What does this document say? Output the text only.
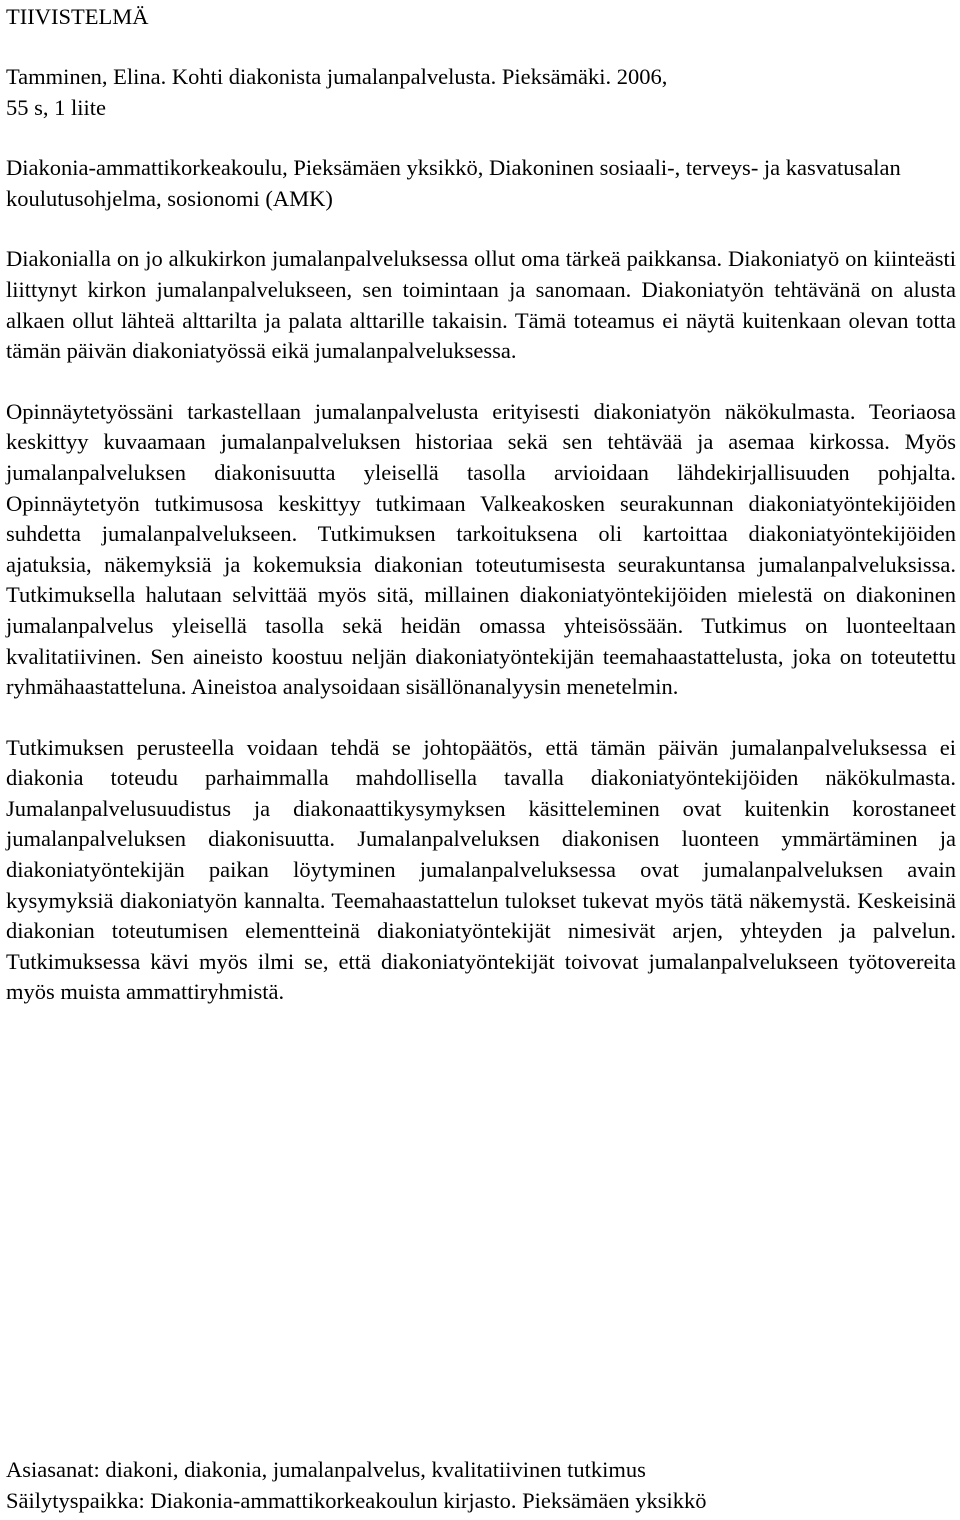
TIIVISTELMÄ

Tamminen, Elina. Kohti diakonista jumalanpalvelusta. Pieksämäki. 2006,

55 s, 1 liite

Diakonia-ammattikorkeakoulu, Pieksämäen yksikkö, Diakoninen sosiaali-, terveys- ja kasvatusalan koulutusohjelma, sosionomi (AMK)

Diakonialla on jo alkukirkon jumalanpalveluksessa ollut oma tärkeä paikkansa. Diakoniatyö on kiinteästi liittynyt kirkon jumalanpalvelukseen, sen toimintaan ja sanomaan. Diakoniatyön tehtävänä on alusta alkaen ollut lähteä alttarilta ja palata alttarille takaisin. Tämä toteamus ei näytä kuitenkaan olevan totta tämän päivän diakoniatyössä eikä jumalanpalveluksessa.

Opinnäytetyössäni tarkastellaan jumalanpalvelusta erityisesti diakoniatyön näkökulmasta. Teoriaosa keskittyy kuvaamaan jumalanpalveluksen historiaa sekä sen tehtävää ja asemaa kirkossa. Myös jumalanpalveluksen diakonisuutta yleisellä tasolla arvioidaan lähdekirjallisuuden pohjalta. Opinnäytetyön tutkimusosa keskittyy tutkimaan Valkeakosken seurakunnan diakoniatyöntekijöiden suhdetta jumalanpalvelukseen. Tutkimuksen tarkoituksena oli kartoittaa diakoniatyöntekijöiden ajatuksia, näkemyksiä ja kokemuksia diakonian toteutumisesta seurakuntansa jumalanpalveluksissa. Tutkimuksella halutaan selvittää myös sitä, millainen diakoniatyöntekijöiden mielestä on diakoninen jumalanpalvelus yleisellä tasolla sekä heidän omassa yhteisössään. Tutkimus on luonteeltaan kvalitatiivinen. Sen aineisto koostuu neljän diakoniatyöntekijän teemahaastattelusta, joka on toteutettu ryhmähaastatteluna. Aineistoa analysoidaan sisällönanalyysin menetelmin.

Tutkimuksen perusteella voidaan tehdä se johtopäätös, että tämän päivän jumalanpalveluksessa ei diakonia toteudu parhaimmalla mahdollisella tavalla diakoniatyöntekijöiden näkökulmasta. Jumalanpalvelusuudistus ja diakonaattikysymyksen käsitteleminen ovat kuitenkin korostaneet jumalanpalveluksen diakonisuutta. Jumalanpalveluksen diakonisen luonteen ymmärtäminen ja diakoniatyöntekijän paikan löytyminen jumalanpalveluksessa ovat jumalanpalveluksen avain kysymyksiä diakoniatyön kannalta. Teemahaastattelun tulokset tukevat myös tätä näkemystä. Keskeisinä diakonian toteutumisen elementteinä diakoniatyöntekijät nimesivät arjen, yhteyden ja palvelun. Tutkimuksessa kävi myös ilmi se, että diakoniatyöntekijät toivovat jumalanpalvelukseen työtovereita myös muista ammattiryhmistä.

Asiasanat: diakoni, diakonia, jumalanpalvelus, kvalitatiivinen tutkimus

Säilytyspaikka: Diakonia-ammattikorkeakoulun kirjasto. Pieksämäen yksikkö
